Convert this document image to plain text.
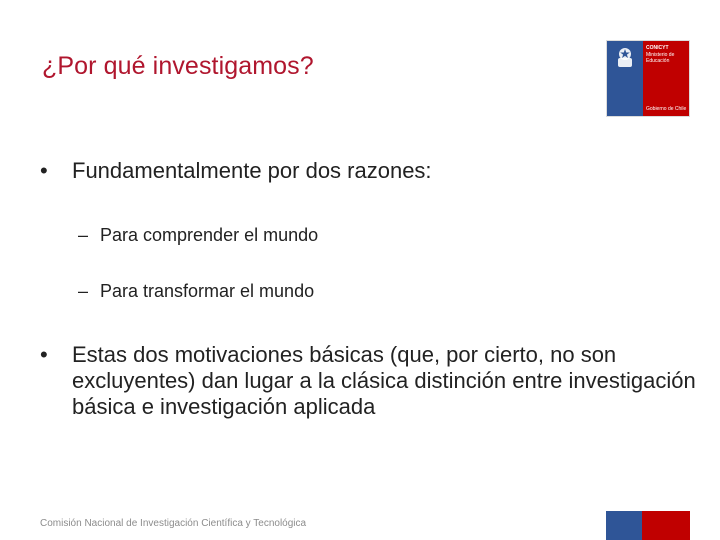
¿Por qué investigamos?
CONICYT
Ministerio de
Educación
Gobierno de Chile
• Fundamentalmente por dos razones:
– Para comprender el mundo
– Para transformar el mundo
• Estas dos motivaciones básicas (que, por cierto, no son excluyentes) dan lugar a la clásica distinción entre investigación básica e investigación aplicada
Comisión Nacional de Investigación Científica y Tecnológica
